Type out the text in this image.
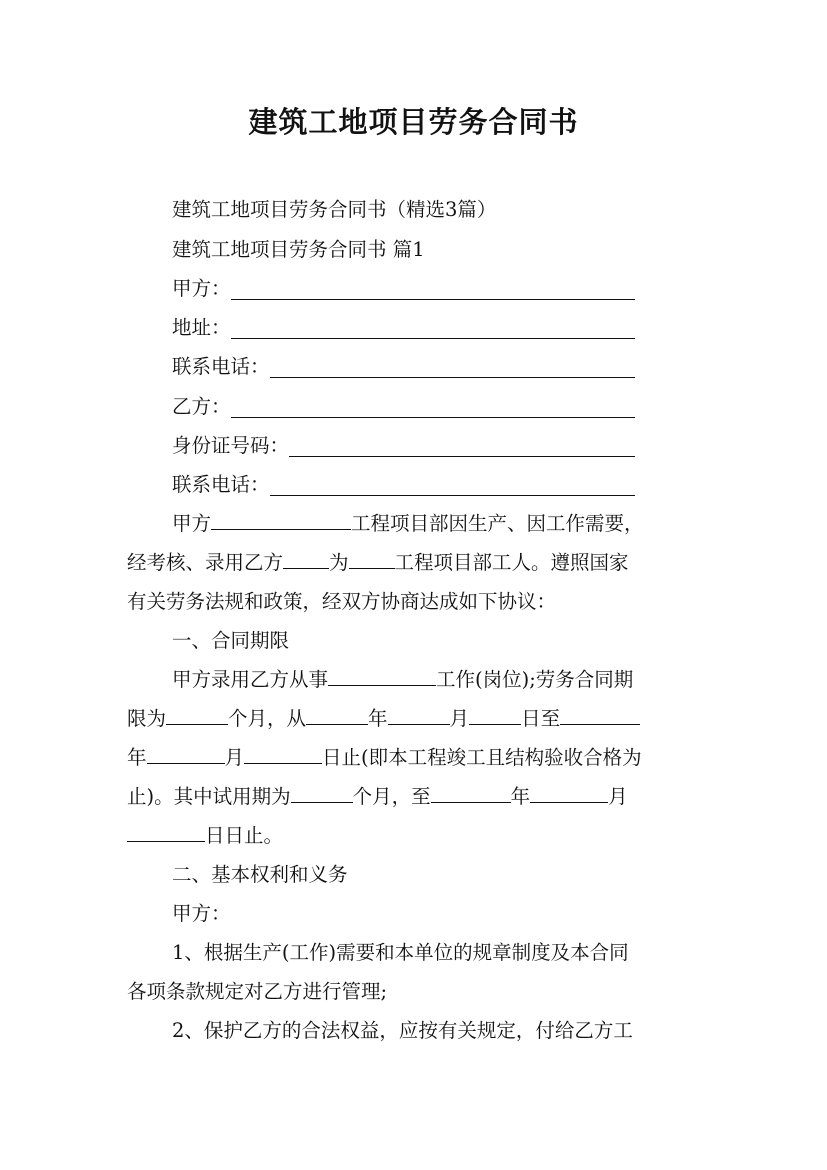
建筑工地项目劳务合同书
建筑工地项目劳务合同书（精选3篇）
建筑工地项目劳务合同书 篇1
甲方：
地址：
联系电话：
乙方：
身份证号码：
联系电话：
甲方	工程项目部因生产、因工作需要，
经考核、录用乙方 为 工程项目部工人。遵照国家
有关劳务法规和政策，经双方协商达成如下协议：
一、合同期限
甲方录用乙方从事	工作(岗位);劳务合同期
限为	个月，从	年	月	日至
年	月	日止(即本工程竣工且结构验收合格为
止)。其中试用期为	个月，至	年	月
日日止。
二、基本权利和义务
甲方：
1、根据生产(工作)需要和本单位的规章制度及本合同
各项条款规定对乙方进行管理;
2、保护乙方的合法权益，应按有关规定，付给乙方工
